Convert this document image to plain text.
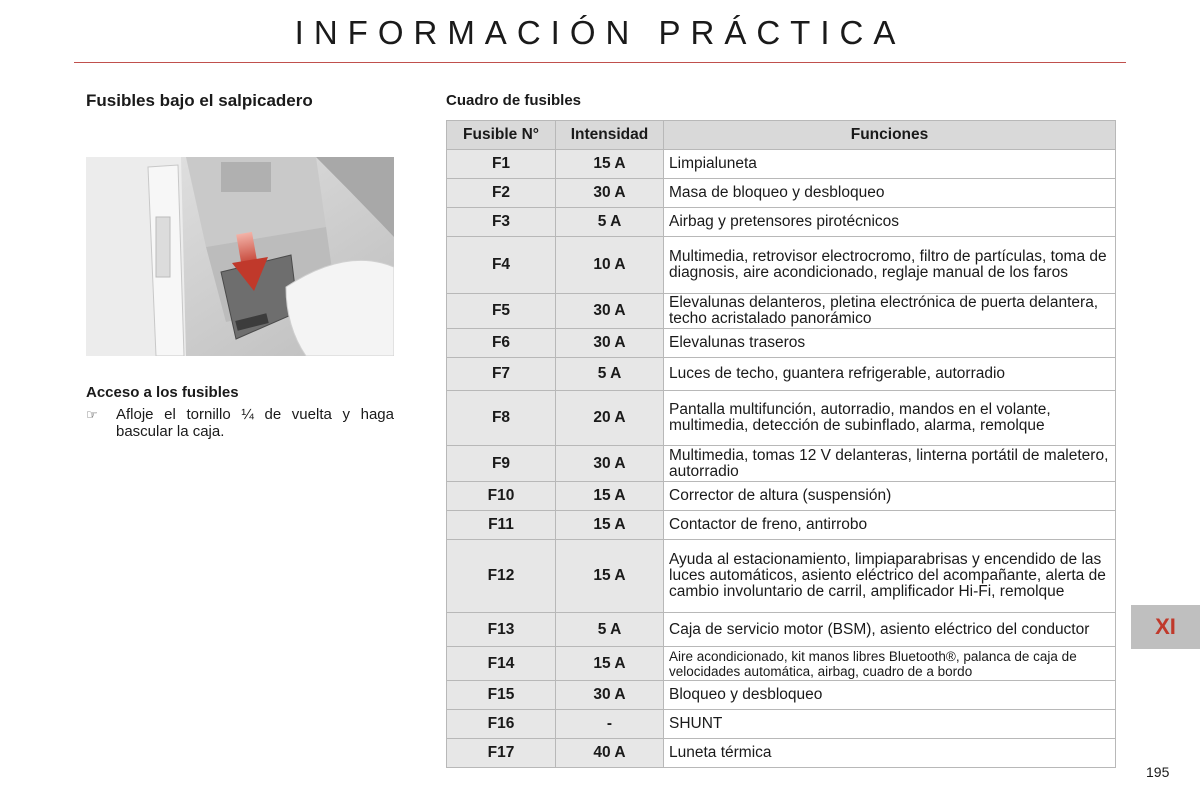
INFORMACIÓN PRÁCTICA
Fusibles bajo el salpicadero
Acceso a los fusibles
☞	Afloje el tornillo ¼ de vuelta y haga bascular la caja.
Cuadro de fusibles
Fusible N°	Intensidad	Funciones
F1	15 A	Limpialuneta
F2	30 A	Masa de bloqueo y desbloqueo
F3	5 A	Airbag y pretensores pirotécnicos
F4	10 A	Multimedia, retrovisor electrocromo, filtro de partículas, toma de diagnosis, aire acondicionado, reglaje manual de los faros
F5	30 A	Elevalunas delanteros, pletina electrónica de puerta delantera, techo acristalado panorámico
F6	30 A	Elevalunas traseros
F7	5 A	Luces de techo, guantera refrigerable, autorradio
F8	20 A	Pantalla multifunción, autorradio, mandos en el volante, multimedia, detección de subinflado, alarma, remolque
F9	30 A	Multimedia, tomas 12 V delanteras, linterna portátil de maletero, autorradio
F10	15 A	Corrector de altura (suspensión)
F11	15 A	Contactor de freno, antirrobo
F12	15 A	Ayuda al estacionamiento, limpiaparabrisas y encendido de las luces automáticos, asiento eléctrico del acompañante, alerta de cambio involuntario de carril, amplificador Hi-Fi, remolque
F13	5 A	Caja de servicio motor (BSM), asiento eléctrico del conductor
F14	15 A	Aire acondicionado, kit manos libres Bluetooth®, palanca de caja de velocidades automática, airbag, cuadro de a bordo
F15	30 A	Bloqueo y desbloqueo
F16	-	SHUNT
F17	40 A	Luneta térmica
XI
195
